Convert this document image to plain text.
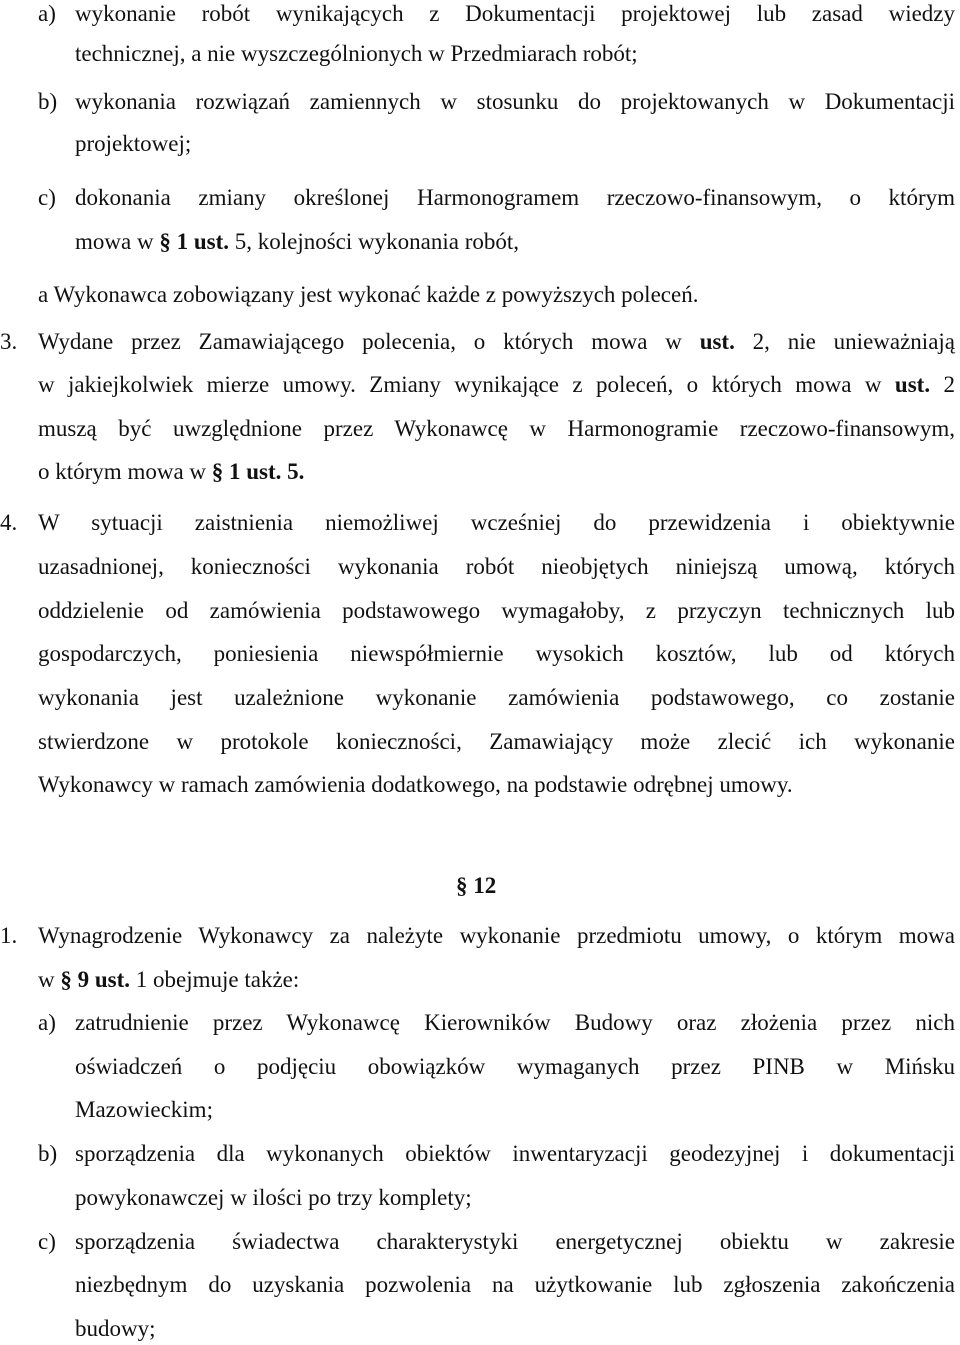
a) wykonanie robót wynikających z Dokumentacji projektowej lub zasad wiedzy
technicznej, a nie wyszczególnionych w Przedmiarach robót;
b) wykonania rozwiązań zamiennych w stosunku do projektowanych w Dokumentacji
projektowej;
c) dokonania zmiany określonej Harmonogramem rzeczowo-finansowym, o którym
mowa w § 1 ust. 5, kolejności wykonania robót,
a Wykonawca zobowiązany jest wykonać każde z powyższych poleceń.
3. Wydane przez Zamawiającego polecenia, o których mowa w ust. 2, nie unieważniają
w jakiejkolwiek mierze umowy. Zmiany wynikające z poleceń, o których mowa w ust. 2
muszą być uwzględnione przez Wykonawcę w Harmonogramie rzeczowo-finansowym,
o którym mowa w § 1 ust. 5.
4. W sytuacji zaistnienia niemożliwej wcześniej do przewidzenia i obiektywnie
uzasadnionej, konieczności wykonania robót nieobjętych niniejszą umową, których
oddzielenie od zamówienia podstawowego wymagałoby, z przyczyn technicznych lub
gospodarczych, poniesienia niewspółmiernie wysokich kosztów, lub od których
wykonania jest uzależnione wykonanie zamówienia podstawowego, co zostanie
stwierdzone w protokole konieczności, Zamawiający może zlecić ich wykonanie
Wykonawcy w ramach zamówienia dodatkowego, na podstawie odrębnej umowy.
§ 12
1. Wynagrodzenie Wykonawcy za należyte wykonanie przedmiotu umowy, o którym mowa
w § 9 ust. 1 obejmuje także:
a) zatrudnienie przez Wykonawcę Kierowników Budowy oraz złożenia przez nich
oświadczeń o podjęciu obowiązków wymaganych przez PINB w Mińsku
Mazowieckim;
b) sporządzenia dla wykonanych obiektów inwentaryzacji geodezyjnej i dokumentacji
powykonawczej w ilości po trzy komplety;
c) sporządzenia świadectwa charakterystyki energetycznej obiektu w zakresie
niezbędnym do uzyskania pozwolenia na użytkowanie lub zgłoszenia zakończenia
budowy;
